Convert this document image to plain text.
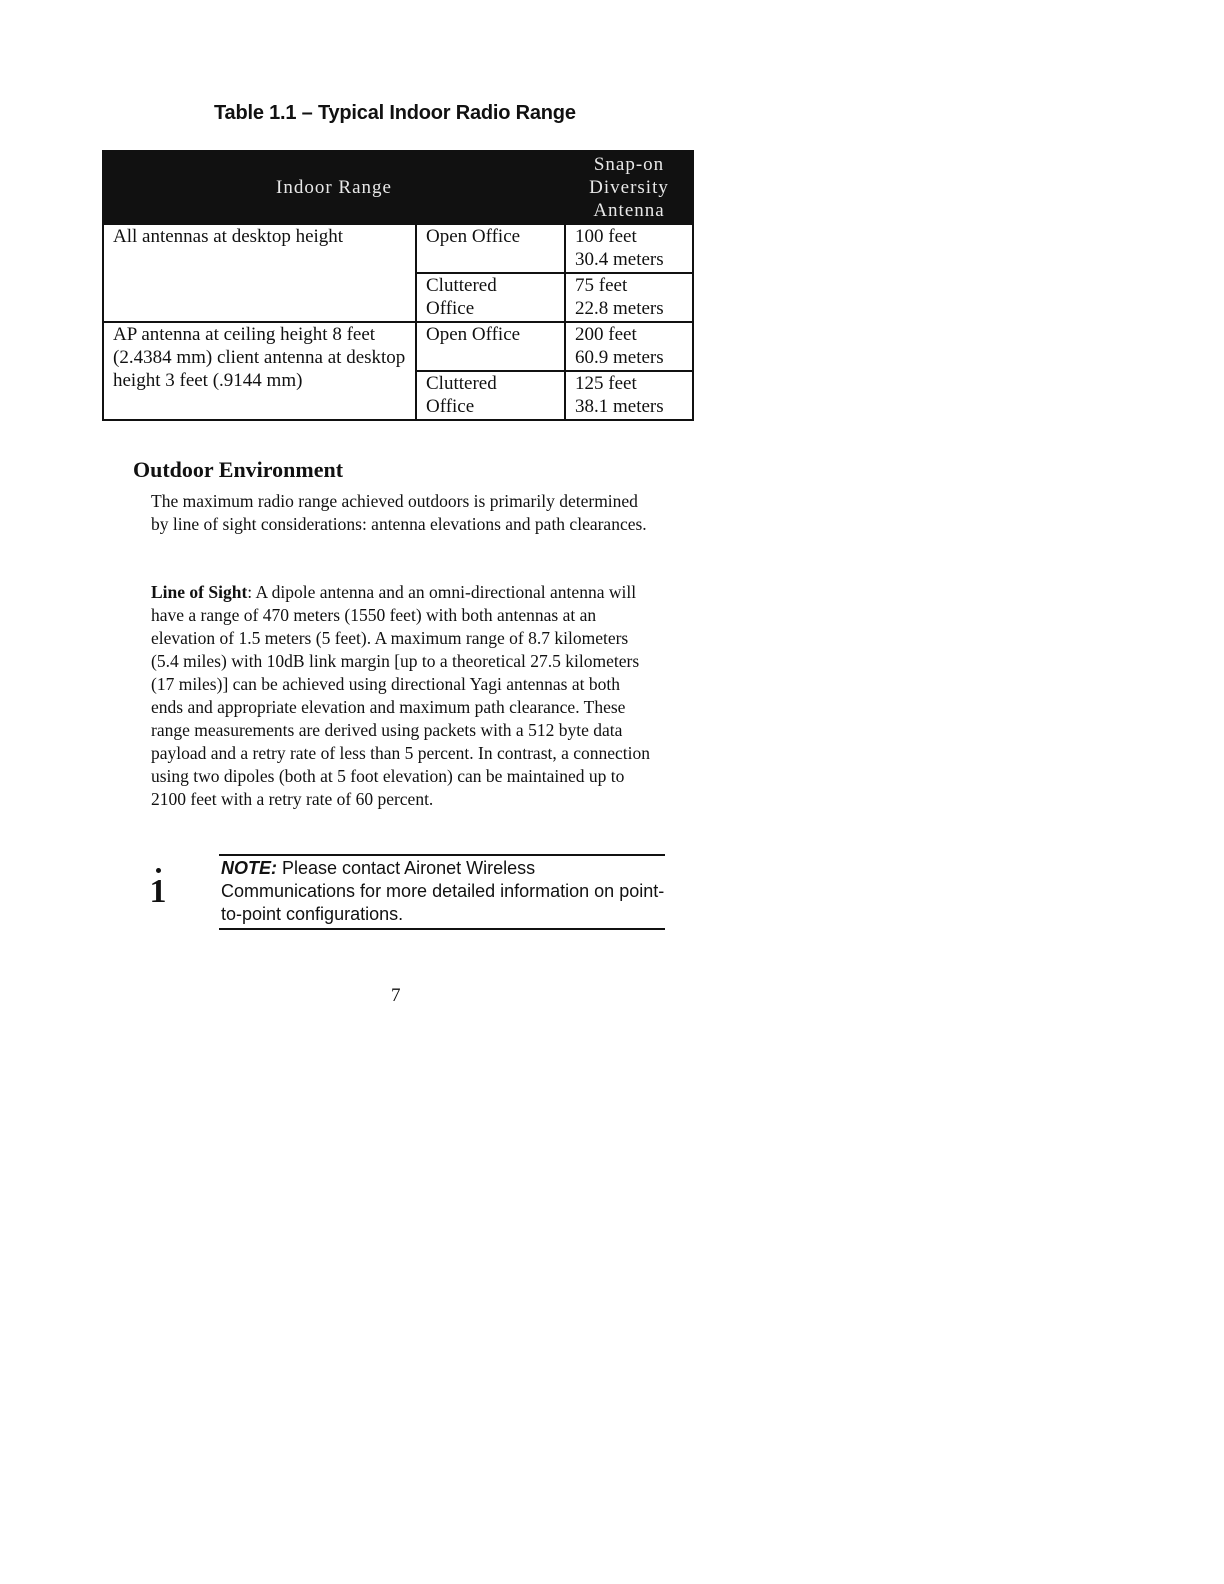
Table 1.1 – Typical Indoor Radio Range
Indoor Range		Snap-on
Diversity
Antenna
All antennas at desktop height	Open Office	100 feet
30.4 meters
	Cluttered Office	75 feet
22.8 meters
AP antenna at ceiling height 8 feet (2.4384 mm) client antenna at desktop height 3 feet (.9144 mm)	Open Office	200 feet
60.9 meters
	Cluttered Office	125 feet
38.1 meters
Outdoor Environment

The maximum radio range achieved outdoors is primarily determined by line of sight considerations: antenna elevations and path clearances.

Line of Sight: A dipole antenna and an omni-directional antenna will have a range of 470 meters (1550 feet) with both antennas at an elevation of 1.5 meters (5 feet). A maximum range of 8.7 kilometers (5.4 miles) with 10dB link margin [up to a theoretical 27.5 kilometers (17 miles)] can be achieved using directional Yagi antennas at both ends and appropriate elevation and maximum path clearance. These range measurements are derived using packets with a 512 byte data payload and a retry rate of less than 5 percent. In contrast, a connection using two dipoles (both at 5 foot elevation) can be maintained up to 2100 feet with a retry rate of 60 percent.

1
NOTE: Please contact Aironet Wireless Communications for more detailed information on point-to-point configurations.
7
